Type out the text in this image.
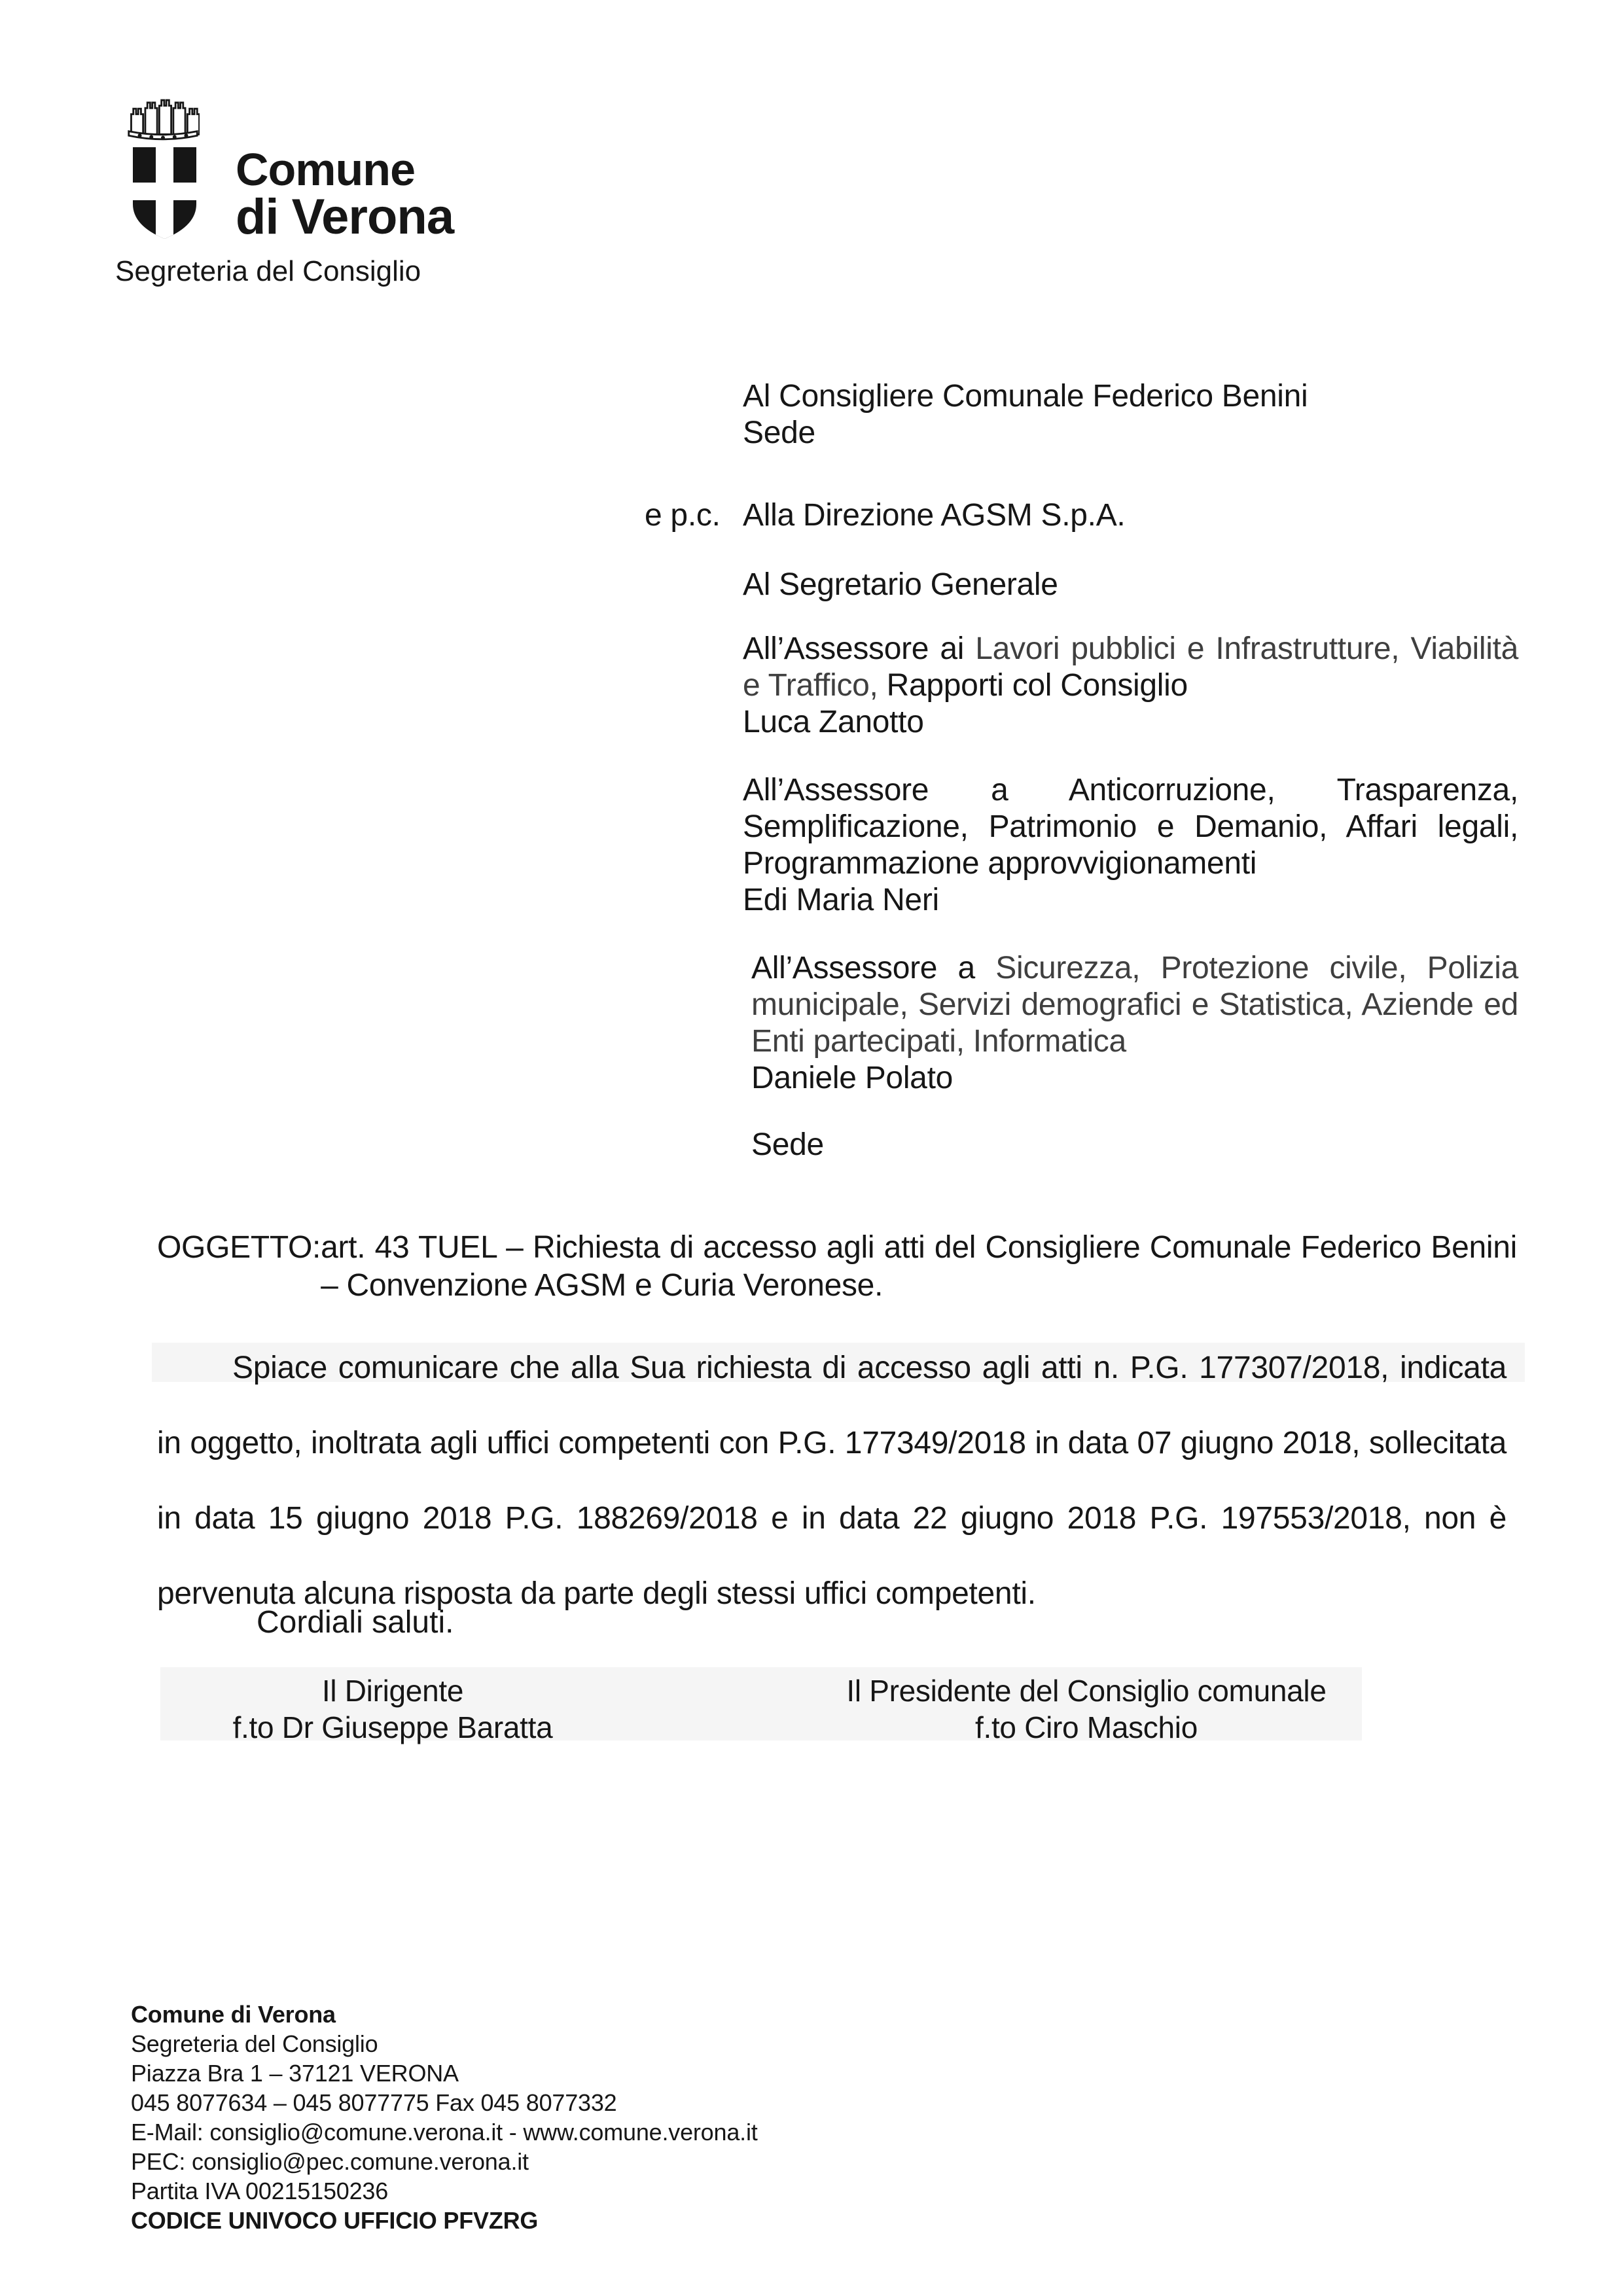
Comune
di Verona
Segreteria del Consiglio
Al Consigliere Comunale Federico Benini
Sede
e p.c. Alla Direzione AGSM S.p.A.
Al Segretario Generale

All’Assessore ai Lavori pubblici e Infrastrutture, Viabilità e Traffico, Rapporti col Consiglio

Luca Zanotto

All’Assessore a Anticorruzione, Trasparenza, Semplificazione, Patrimonio e Demanio, Affari legali, Programmazione approvvigionamenti

Edi Maria Neri

All’Assessore a Sicurezza, Protezione civile, Polizia municipale, Servizi demografici e Statistica, Aziende ed Enti partecipati, Informatica

Daniele Polato
Sede
OGGETTO: art. 43 TUEL – Richiesta di accesso agli atti del Consigliere Comunale Federico Benini – Convenzione AGSM e Curia Veronese.

Spiace comunicare che alla Sua richiesta di accesso agli atti n. P.G. 177307/2018, indicata in oggetto, inoltrata agli uffici competenti con P.G. 177349/2018 in data 07 giugno 2018, sollecitata in data 15 giugno 2018 P.G. 188269/2018 e in data 22 giugno 2018 P.G. 197553/2018, non è pervenuta alcuna risposta da parte degli stessi uffici competenti.

Cordiali saluti.
Il Dirigente
f.to Dr Giuseppe Baratta
Il Presidente del Consiglio comunale
f.to Ciro Maschio
Comune di Verona
Segreteria del Consiglio
Piazza Bra 1 – 37121 VERONA
045 8077634 – 045 8077775 Fax 045 8077332
E-Mail: consiglio@comune.verona.it - www.comune.verona.it
PEC: consiglio@pec.comune.verona.it
Partita IVA 00215150236
CODICE UNIVOCO UFFICIO PFVZRG
